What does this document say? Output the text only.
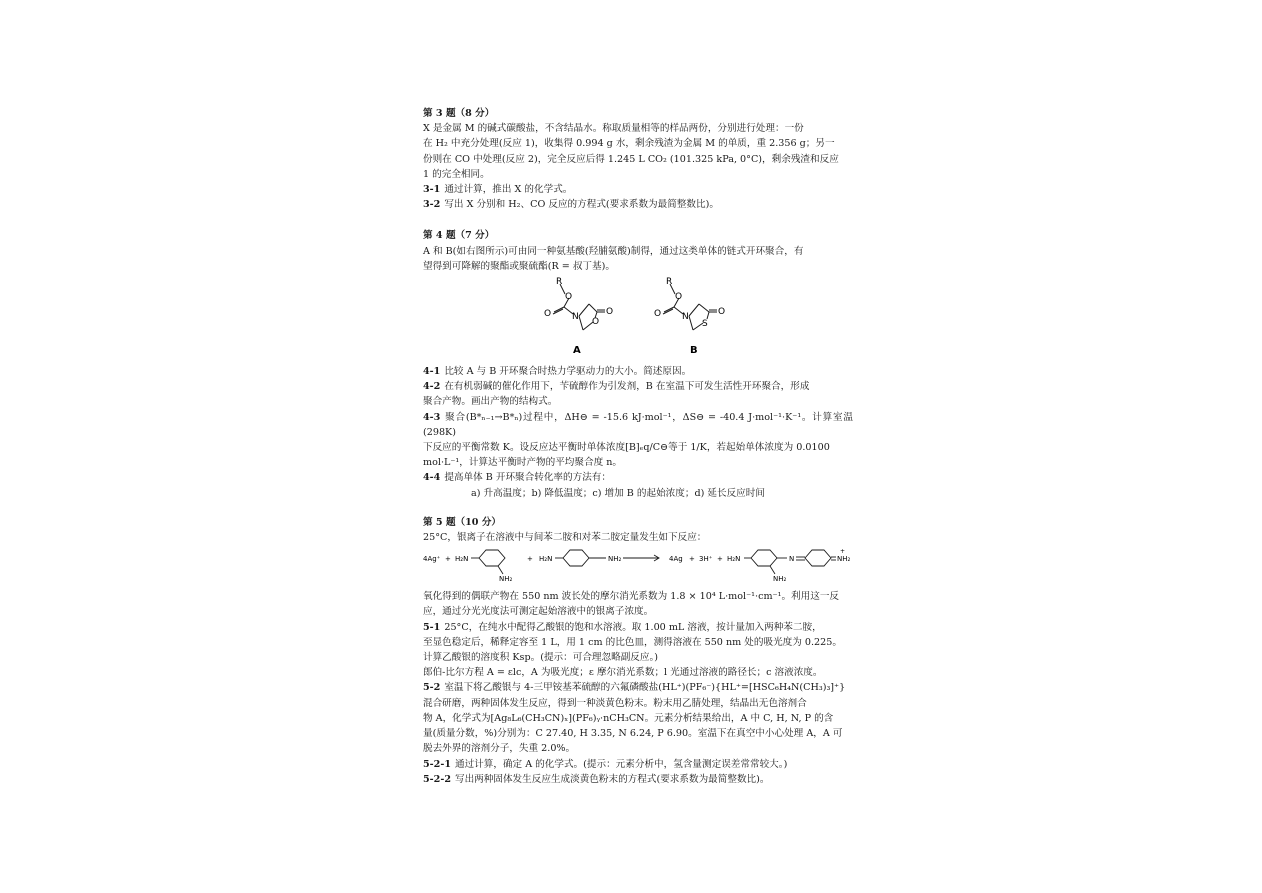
第 3 题（8 分）

X 是金属 M 的碱式碳酸盐，不含结晶水。称取质量相等的样品两份，分别进行处理：一份

在 H₂ 中充分处理(反应 1)，收集得 0.994 g 水，剩余残渣为金属 M 的单质，重 2.356 g；另一

份则在 CO 中处理(反应 2)，完全反应后得 1.245 L CO₂ (101.325 kPa, 0°C)，剩余残渣和反应

1 的完全相同。

3-1 通过计算，推出 X 的化学式。

3-2 写出 X 分别和 H₂、CO 反应的方程式(要求系数为最简整数比)。

第 4 题（7 分）

A 和 B(如右图所示)可由同一种氨基酸(羟脯氨酸)制得，通过这类单体的链式开环聚合，有

望得到可降解的聚酯或聚硫酯(R = 叔丁基)。

R
O
O N O
O
A
R
O
O N
S
O
B

4-1 比较 A 与 B 开环聚合时热力学驱动力的大小。简述原因。

4-2 在有机弱碱的催化作用下，苄硫醇作为引发剂，B 在室温下可发生活性开环聚合，形成

聚合产物。画出产物的结构式。

4-3 聚合(B*ₙ₋₁→B*ₙ)过程中，ΔH⊖ = -15.6 kJ·mol⁻¹，ΔS⊖ = -40.4 J·mol⁻¹·K⁻¹。计算室温(298K)

下反应的平衡常数 K。设反应达平衡时单体浓度[B]ₑq/C⊖等于 1/K，若起始单体浓度为 0.0100

mol·L⁻¹，计算达平衡时产物的平均聚合度 n。

4-4 提高单体 B 开环聚合转化率的方法有：

a) 升高温度；b) 降低温度；c) 增加 B 的起始浓度；d) 延长反应时间

第 5 题（10 分）

25°C，银离子在溶液中与间苯二胺和对苯二胺定量发生如下反应：

4Ag⁺ + H₂N
NH₂
+ H₂N	NH₂	4Ag + 3H⁺ + H₂N
NH₂
N	NH₂
+

氧化得到的偶联产物在 550 nm 波长处的摩尔消光系数为 1.8 × 10⁴ L·mol⁻¹·cm⁻¹。利用这一反

应，通过分光光度法可测定起始溶液中的银离子浓度。

5-1 25°C，在纯水中配得乙酸银的饱和水溶液。取 1.00 mL 溶液，按计量加入两种苯二胺，

至显色稳定后，稀释定容至 1 L，用 1 cm 的比色皿，测得溶液在 550 nm 处的吸光度为 0.225。

计算乙酸银的溶度积 Ksp。(提示：可合理忽略副反应。)

郎伯-比尔方程 A = εlc，A 为吸光度；ε 摩尔消光系数；l 光通过溶液的路径长；c 溶液浓度。

5-2 室温下将乙酸银与 4-三甲铵基苯硫醇的六氟磷酸盐(HL⁺)(PF₆⁻){HL⁺=[HSC₆H₄N(CH₃)₃]⁺}

混合研磨，两种固体发生反应，得到一种淡黄色粉末。粉末用乙腈处理，结晶出无色溶剂合

物 A，化学式为[Ag₈L₆(CH₃CN)ₓ](PF₆)ᵧ·nCH₃CN。元素分析结果给出，A 中 C, H, N, P 的含

量(质量分数，%)分别为：C 27.40, H 3.35, N 6.24, P 6.90。室温下在真空中小心处理 A，A 可

脱去外界的溶剂分子，失重 2.0%。

5-2-1 通过计算，确定 A 的化学式。(提示：元素分析中，氢含量测定误差常常较大。)

5-2-2 写出两种固体发生反应生成淡黄色粉末的方程式(要求系数为最简整数比)。
